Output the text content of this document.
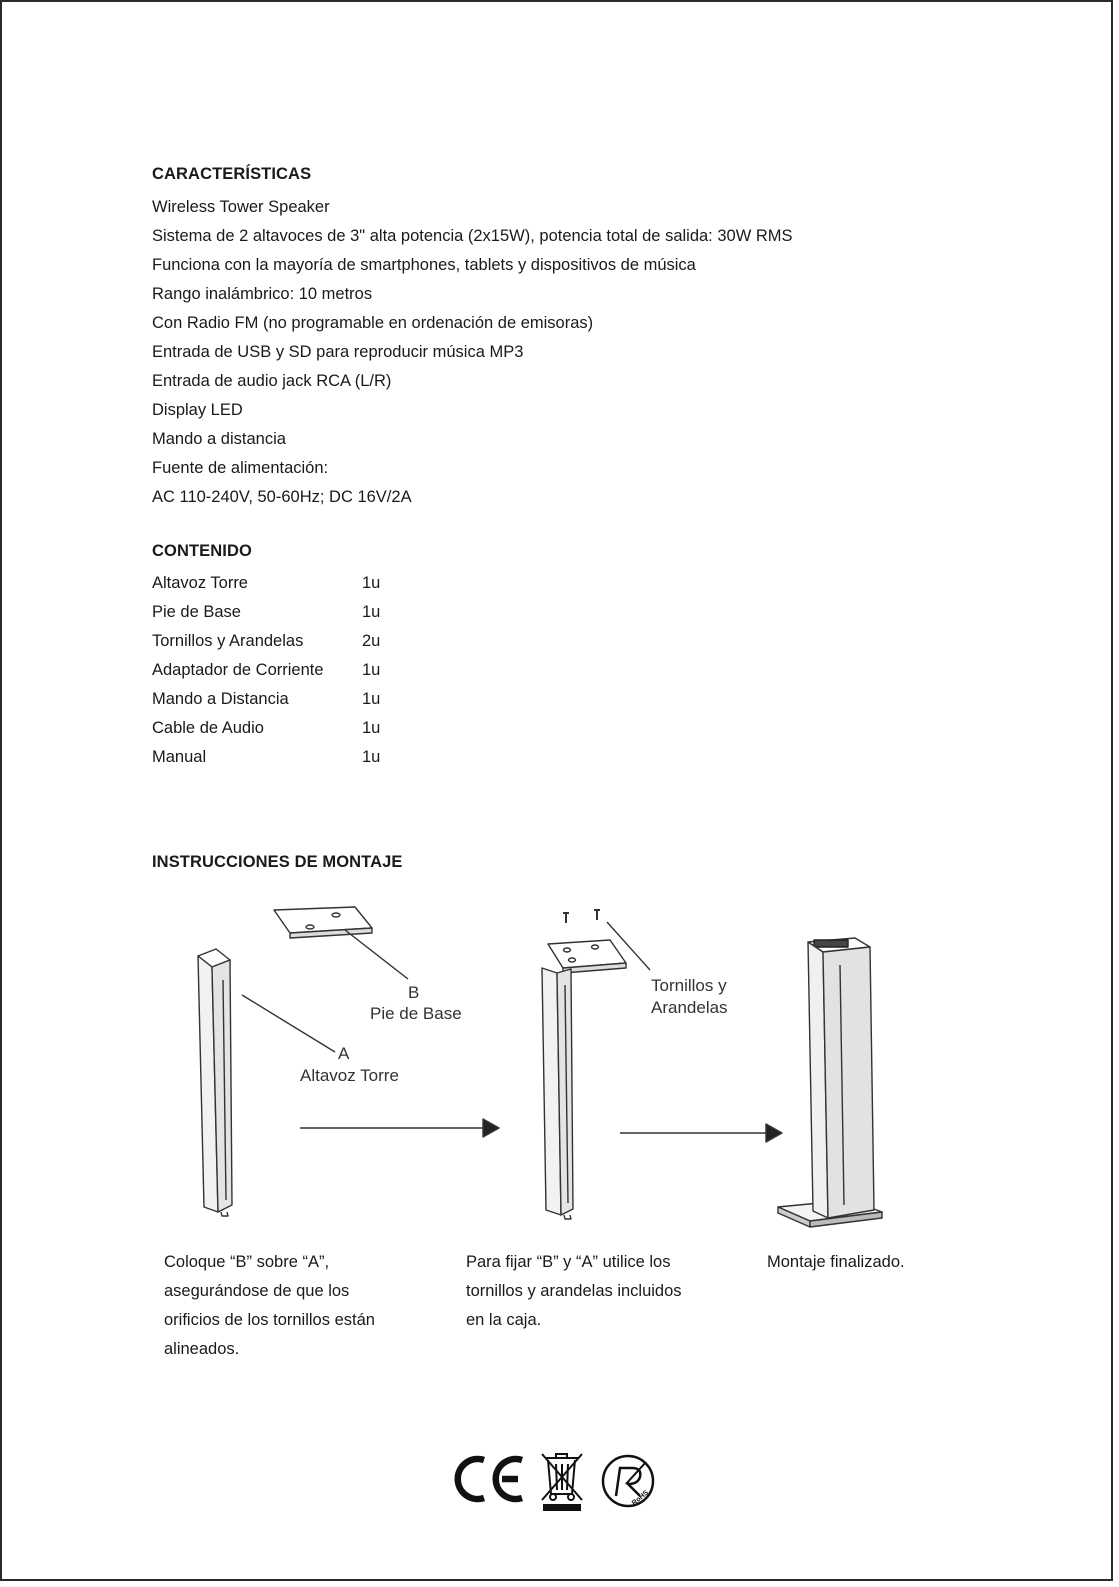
CARACTERÍSTICAS
Wireless Tower Speaker
Sistema de 2 altavoces de 3" alta potencia (2x15W), potencia total de salida: 30W RMS
Funciona con la mayoría de smartphones, tablets y dispositivos de música
Rango inalámbrico: 10 metros
Con Radio FM (no programable en ordenación de emisoras)
Entrada de USB y SD para reproducir música MP3
Entrada de audio jack RCA (L/R)
Display LED
Mando a distancia
Fuente de alimentación:
AC 110-240V, 50-60Hz; DC 16V/2A
CONTENIDO
Altavoz Torre	1u
Pie de Base	1u
Tornillos y Arandelas	2u
Adaptador de Corriente	1u
Mando a Distancia	1u
Cable de Audio	1u
Manual	1u
INSTRUCCIONES DE MONTAJE
B
Pie de Base
A
Altavoz Torre
Tornillos y
Arandelas
Coloque “B” sobre “A”,
asegurándose de que los
orificios de los tornillos están
alineados.
Para fijar “B” y “A” utilice los
tornillos y arandelas incluidos
en la caja.
Montaje finalizado.
RoHS
